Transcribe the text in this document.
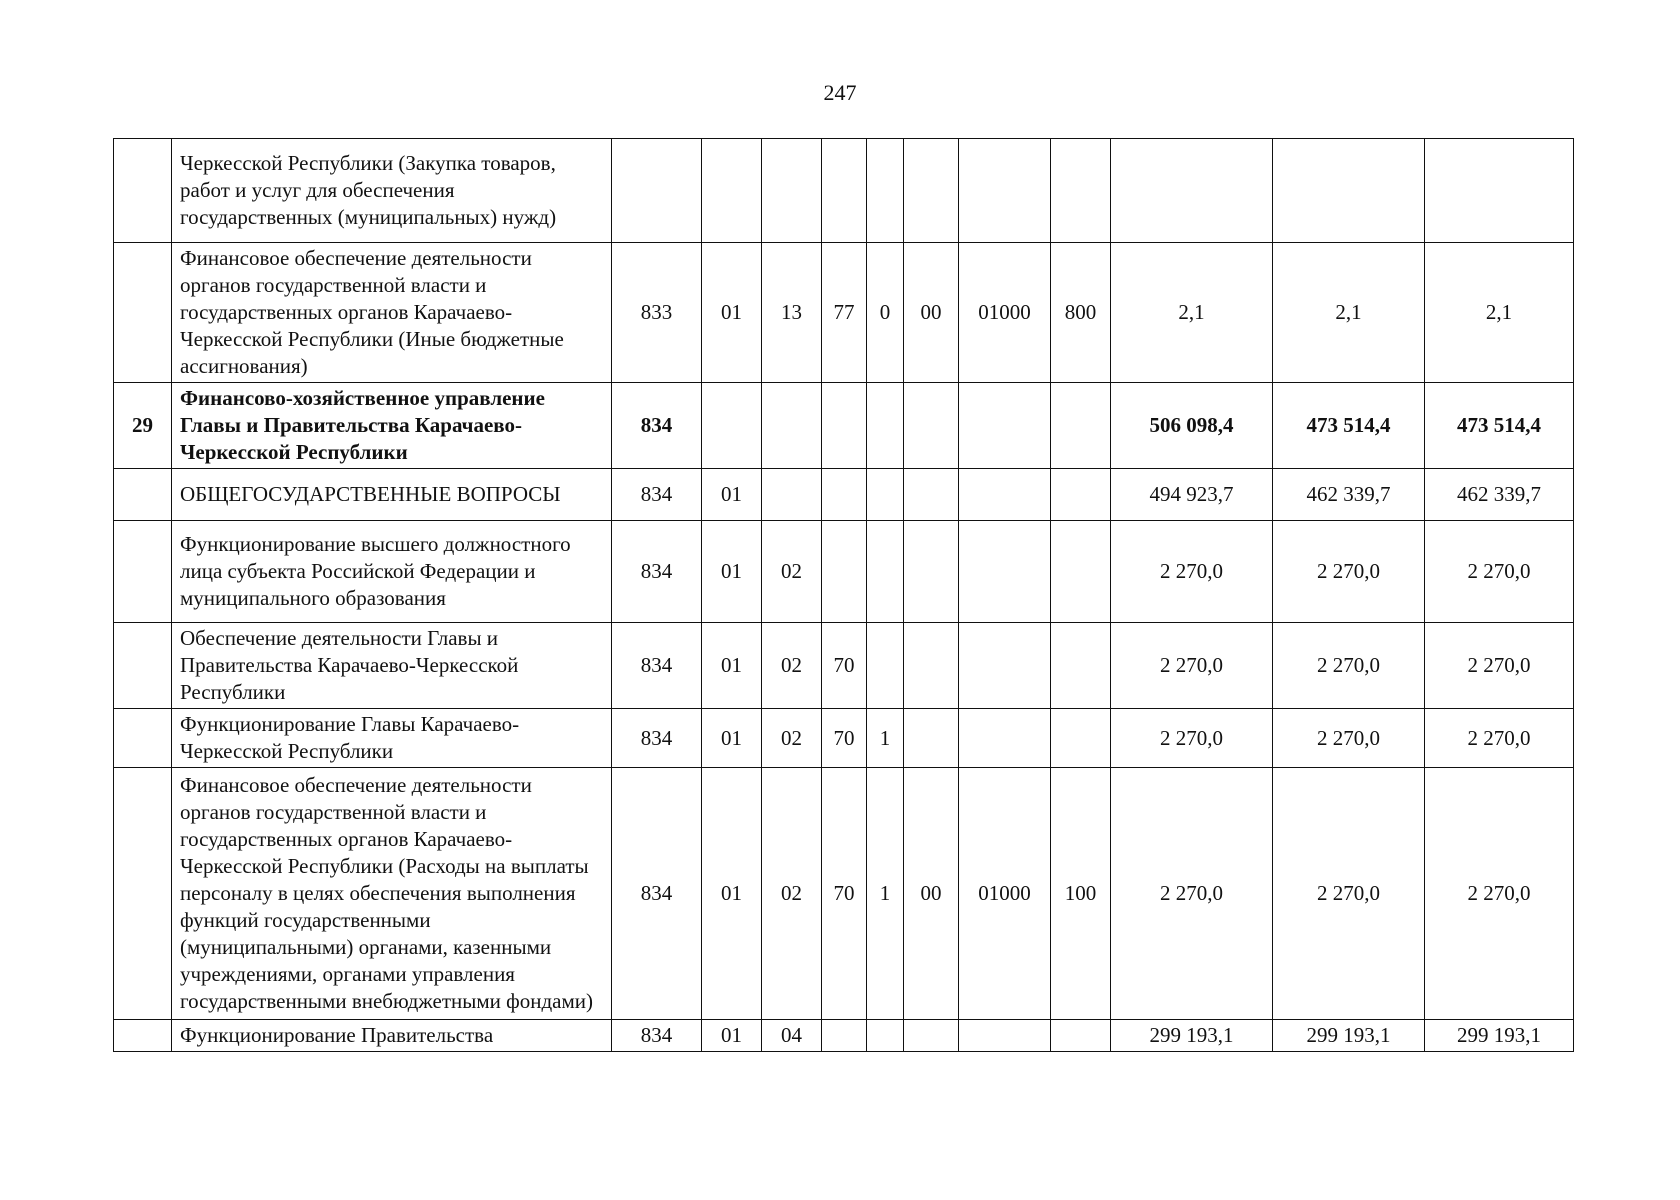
247
	Черкесской Республики (Закупка товаров, работ и услуг для обеспечения государственных (муниципальных) нужд)											
	Финансовое обеспечение деятельности органов государственной власти и государственных органов Карачаево-Черкесской Республики (Иные бюджетные ассигнования)	833	01	13	77	0	00	01000	800	2,1	2,1	2,1
29	Финансово-хозяйственное управление Главы и Правительства Карачаево-Черкесской Республики	834								506 098,4	473 514,4	473 514,4
	ОБЩЕГОСУДАРСТВЕННЫЕ ВОПРОСЫ	834	01							494 923,7	462 339,7	462 339,7
	Функционирование высшего должностного лица субъекта Российской Федерации и муниципального образования	834	01	02						2 270,0	2 270,0	2 270,0
	Обеспечение деятельности Главы и Правительства Карачаево-Черкесской Республики	834	01	02	70					2 270,0	2 270,0	2 270,0
	Функционирование Главы Карачаево-Черкесской Республики	834	01	02	70	1				2 270,0	2 270,0	2 270,0
	Финансовое обеспечение деятельности органов государственной власти и государственных органов Карачаево-Черкесской Республики (Расходы на выплаты персоналу в целях обеспечения выполнения функций государственными (муниципальными) органами, казенными учреждениями, органами управления государственными внебюджетными фондами)	834	01	02	70	1	00	01000	100	2 270,0	2 270,0	2 270,0
	Функционирование Правительства	834	01	04						299 193,1	299 193,1	299 193,1
